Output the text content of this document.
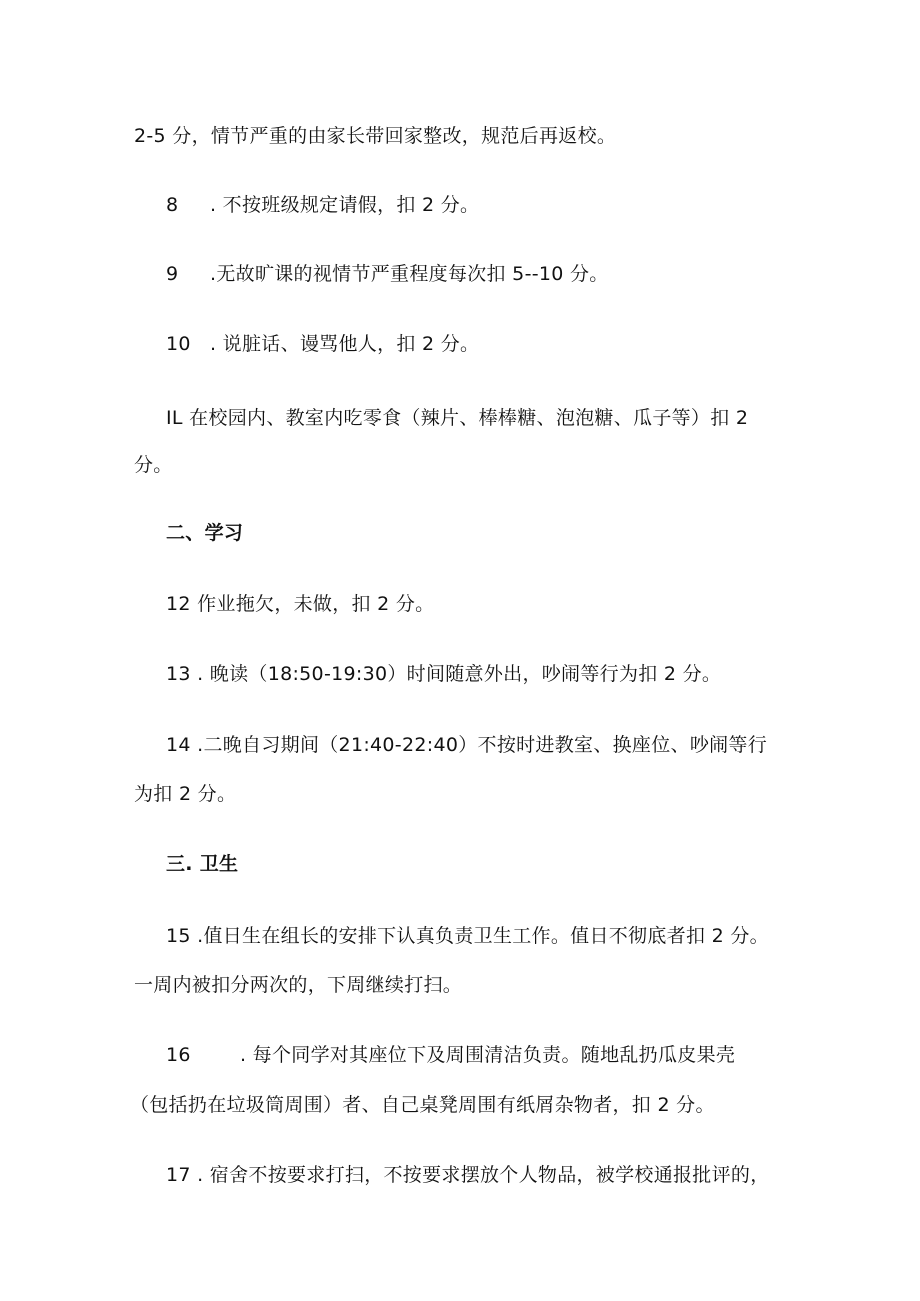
2-5 分，情节严重的由家长带回家整改，规范后再返校。
8 . 不按班级规定请假，扣 2 分。
9 .无故旷课的视情节严重程度每次扣 5--10 分。
10 . 说脏话、谩骂他人，扣 2 分。
IL 在校园内、教室内吃零食（辣片、棒棒糖、泡泡糖、瓜子等）扣 2
分。
二、学习
12 作业拖欠，未做，扣 2 分。
13 . 晚读（18:50-19:30）时间随意外出，吵闹等行为扣 2 分。
14 .二晚自习期间（21:40-22:40）不按时进教室、换座位、吵闹等行
为扣 2 分。
三. 卫生
15 .值日生在组长的安排下认真负责卫生工作。值日不彻底者扣 2 分。
一周内被扣分两次的，下周继续打扫。
16	. 每个同学对其座位下及周围清洁负责。随地乱扔瓜皮果壳
（包括扔在垃圾筒周围）者、自己桌凳周围有纸屑杂物者，扣 2 分。
17 . 宿舍不按要求打扫，不按要求摆放个人物品，被学校通报批评的，
